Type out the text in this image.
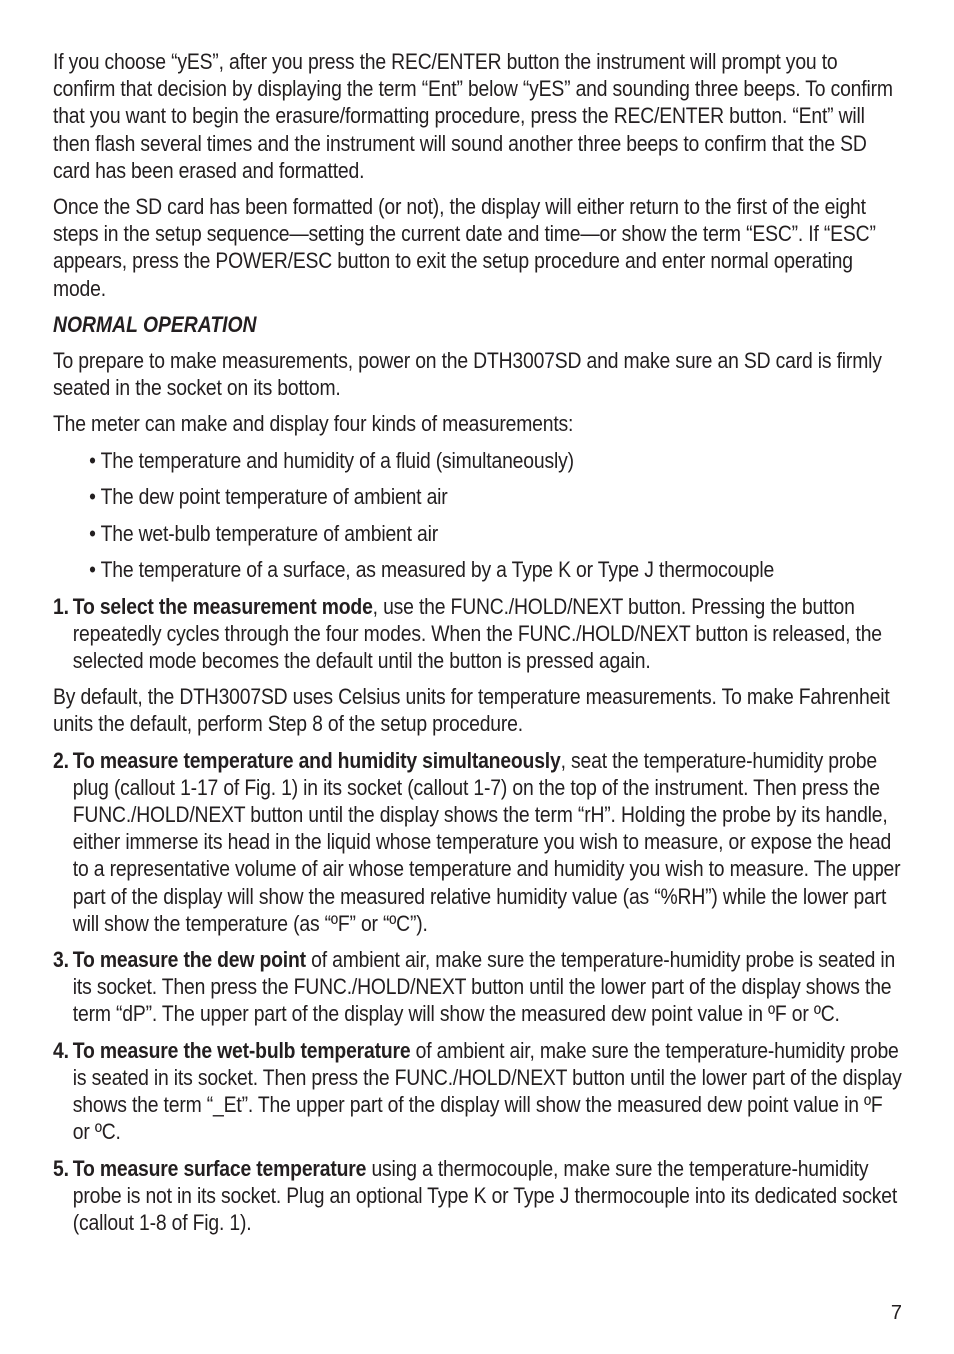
If you choose “yES”, after you press the REC/ENTER button the instrument will prompt you to confirm that decision by displaying the term “Ent” below “yES” and sounding three beeps. To confirm that you want to begin the erasure/formatting procedure, press the REC/ENTER button. “Ent” will then flash several times and the instrument will sound another three beeps to confirm that the SD card has been erased and formatted.

Once the SD card has been formatted (or not), the display will either return to the first of the eight steps in the setup sequence—setting the current date and time—or show the term “ESC”. If “ESC” appears, press the POWER/ESC button to exit the setup procedure and enter normal operating mode.

NORMAL OPERATION

To prepare to make measurements, power on the DTH3007SD and make sure an SD card is firmly seated in the socket on its bottom.

The meter can make and display four kinds of measurements:

• The temperature and humidity of a fluid (simultaneously)
• The dew point temperature of ambient air
• The wet-bulb temperature of ambient air
• The temperature of a surface, as measured by a Type K or Type J thermocouple
1. To select the measurement mode, use the FUNC./HOLD/NEXT button. Pressing the button repeatedly cycles through the four modes. When the FUNC./HOLD/NEXT button is released, the selected mode becomes the default until the button is pressed again.

By default, the DTH3007SD uses Celsius units for temperature measurements. To make Fahrenheit units the default, perform Step 8 of the setup procedure.

2. To measure temperature and humidity simultaneously, seat the temperature-humidity probe plug (callout 1-17 of Fig. 1) in its socket (callout 1-7) on the top of the instrument. Then press the FUNC./HOLD/NEXT button until the display shows the term “rH”. Holding the probe by its handle, either immerse its head in the liquid whose temperature you wish to measure, or expose the head to a representative volume of air whose temperature and humidity you wish to measure. The upper part of the display will show the measured relative humidity value (as “%RH”) while the lower part will show the temperature (as “ºF” or “ºC”).
3. To measure the dew point of ambient air, make sure the temperature-humidity probe is seated in its socket. Then press the FUNC./HOLD/NEXT button until the lower part of the display shows the term “dP”. The upper part of the display will show the measured dew point value in ºF or ºC.
4. To measure the wet-bulb temperature of ambient air, make sure the temperature-humidity probe is seated in its socket. Then press the FUNC./HOLD/NEXT button until the lower part of the display shows the term “_Et”. The upper part of the display will show the measured dew point value in ºF or ºC.
5. To measure surface temperature using a thermocouple, make sure the temperature-humidity probe is not in its socket. Plug an optional Type K or Type J thermocouple into its dedicated socket (callout 1-8 of Fig. 1).
7
